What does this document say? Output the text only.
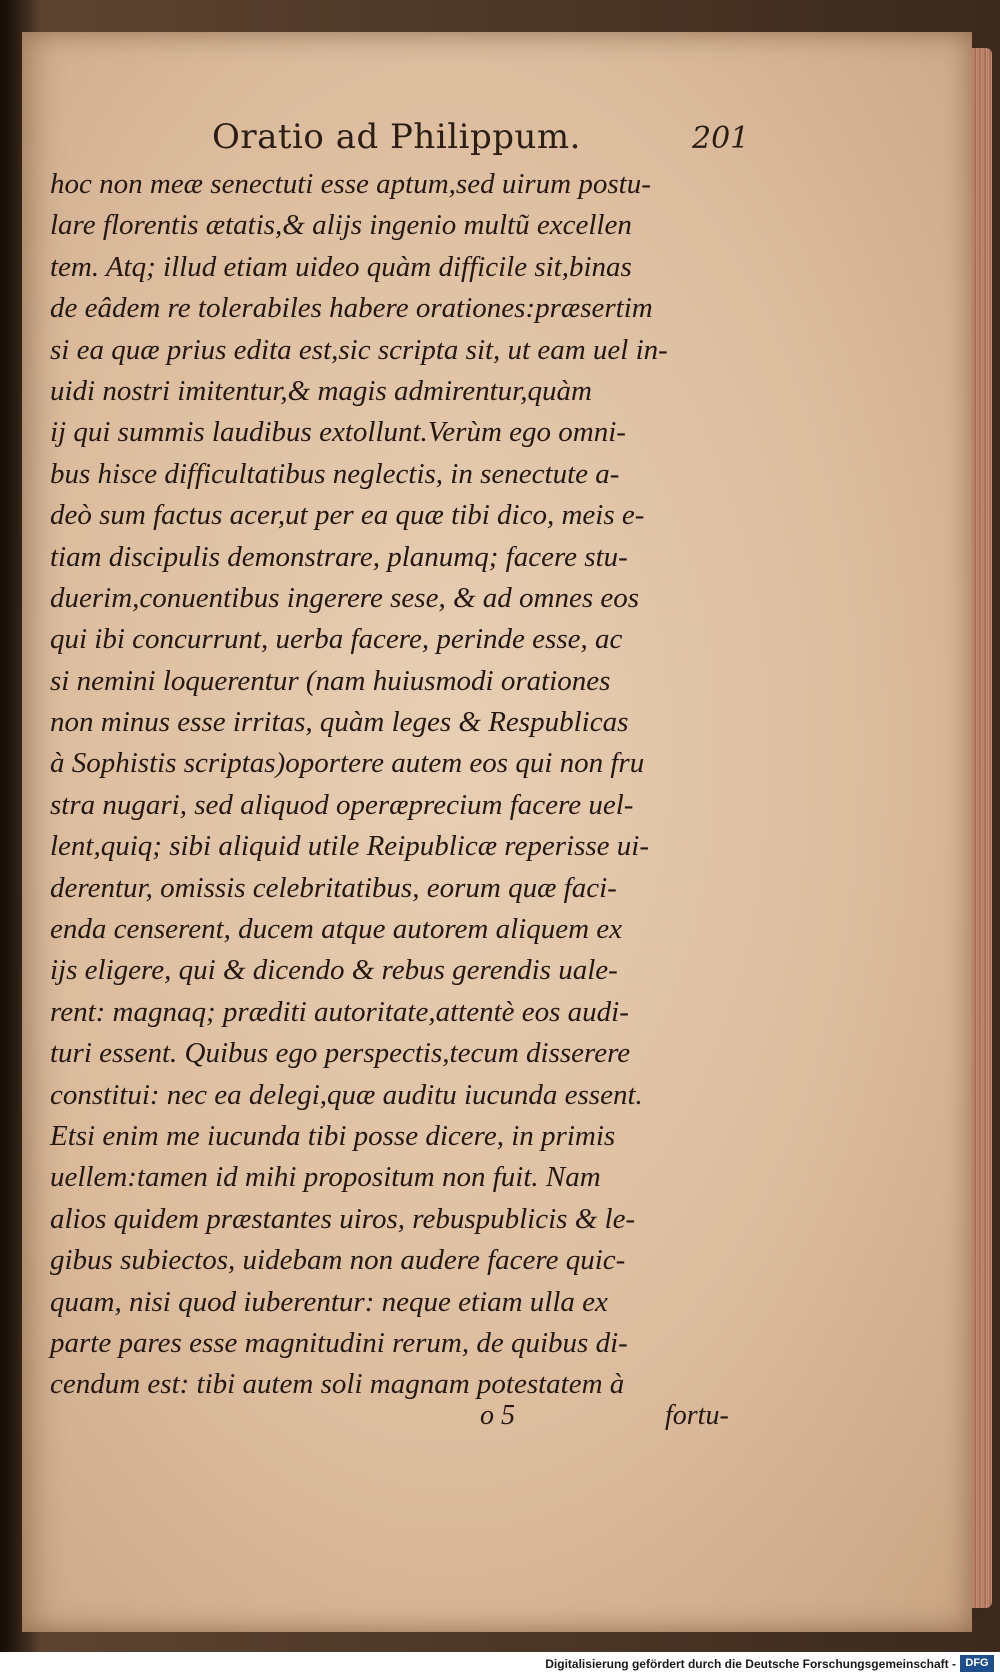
Oratio ad Philippum.	201
hoc non meæ senectuti esse aptum,sed uirum postu-
lare florentis ætatis,& alijs ingenio multũ excellen
tem. Atq; illud etiam uideo quàm difficile sit,binas
de eâdem re tolerabiles habere orationes:præsertim
si ea quæ prius edita est,sic scripta sit, ut eam uel in-
uidi nostri imitentur,& magis admirentur,quàm
ij qui summis laudibus extollunt.Verùm ego omni-
bus hisce difficultatibus neglectis, in senectute a-
deò sum factus acer,ut per ea quæ tibi dico, meis e-
tiam discipulis demonstrare, planumq; facere stu-
duerim,conuentibus ingerere sese, & ad omnes eos
qui ibi concurrunt, uerba facere, perinde esse, ac
si nemini loquerentur (nam huiusmodi orationes
non minus esse irritas, quàm leges & Respublicas
à Sophistis scriptas)oportere autem eos qui non fru
stra nugari, sed aliquod operæprecium facere uel-
lent,quiq; sibi aliquid utile Reipublicæ reperisse ui-
derentur, omissis celebritatibus, eorum quæ faci-
enda censerent, ducem atque autorem aliquem ex
ijs eligere, qui & dicendo & rebus gerendis uale-
rent: magnaq; præditi autoritate,attentè eos audi-
turi essent. Quibus ego perspectis,tecum disserere
constitui: nec ea delegi,quæ auditu iucunda essent.
Etsi enim me iucunda tibi posse dicere, in primis
uellem:tamen id mihi propositum non fuit. Nam
alios quidem præstantes uiros, rebuspublicis & le-
gibus subiectos, uidebam non audere facere quic-
quam, nisi quod iuberentur: neque etiam ulla ex
parte pares esse magnitudini rerum, de quibus di-
cendum est: tibi autem soli magnam potestatem à
o 5	fortu-
Digitalisierung gefördert durch die Deutsche Forschungsgemeinschaft - DFG
